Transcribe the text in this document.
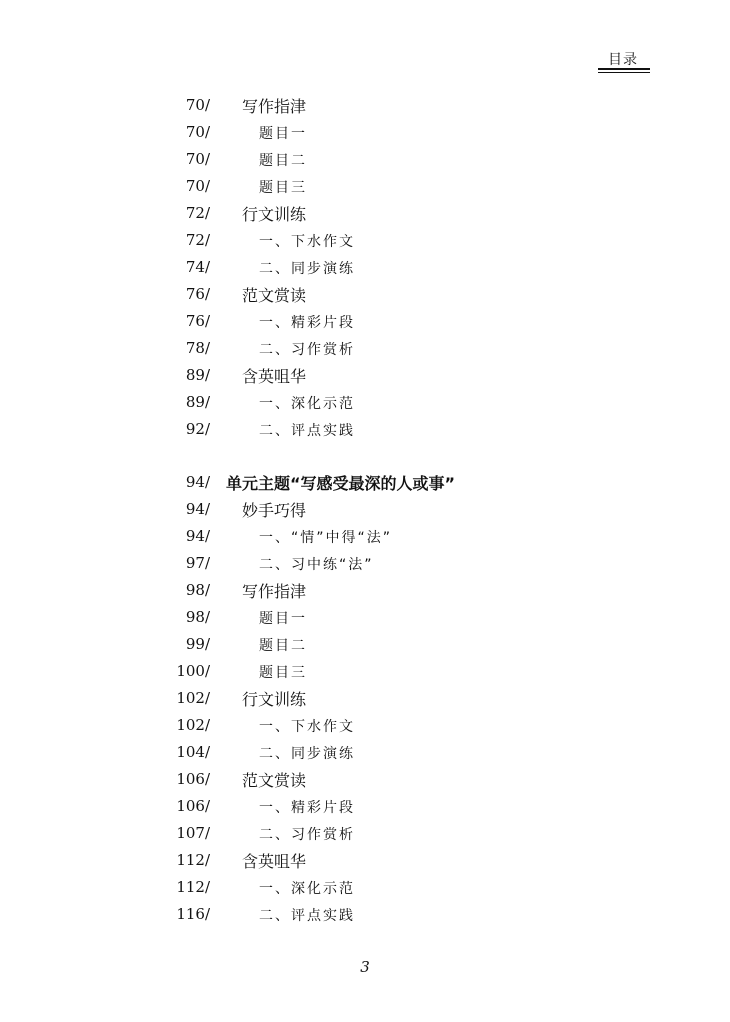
目录
70/ 写作指津
70/	题目一
70/	题目二
70/	题目三
72/ 行文训练
72/	一、下水作文
74/	二、同步演练
76/ 范文赏读
76/	一、精彩片段
78/	二、习作赏析
89/ 含英咀华
89/	一、深化示范
92/	二、评点实践
94/ 单元主题“写感受最深的人或事”
94/ 妙手巧得
94/	一、“情”中得“法”
97/	二、习中练“法”
98/ 写作指津
98/	题目一
99/	题目二
100/	题目三
102/ 行文训练
102/	一、下水作文
104/	二、同步演练
106/ 范文赏读
106/	一、精彩片段
107/	二、习作赏析
112/ 含英咀华
112/	一、深化示范
116/	二、评点实践
3
